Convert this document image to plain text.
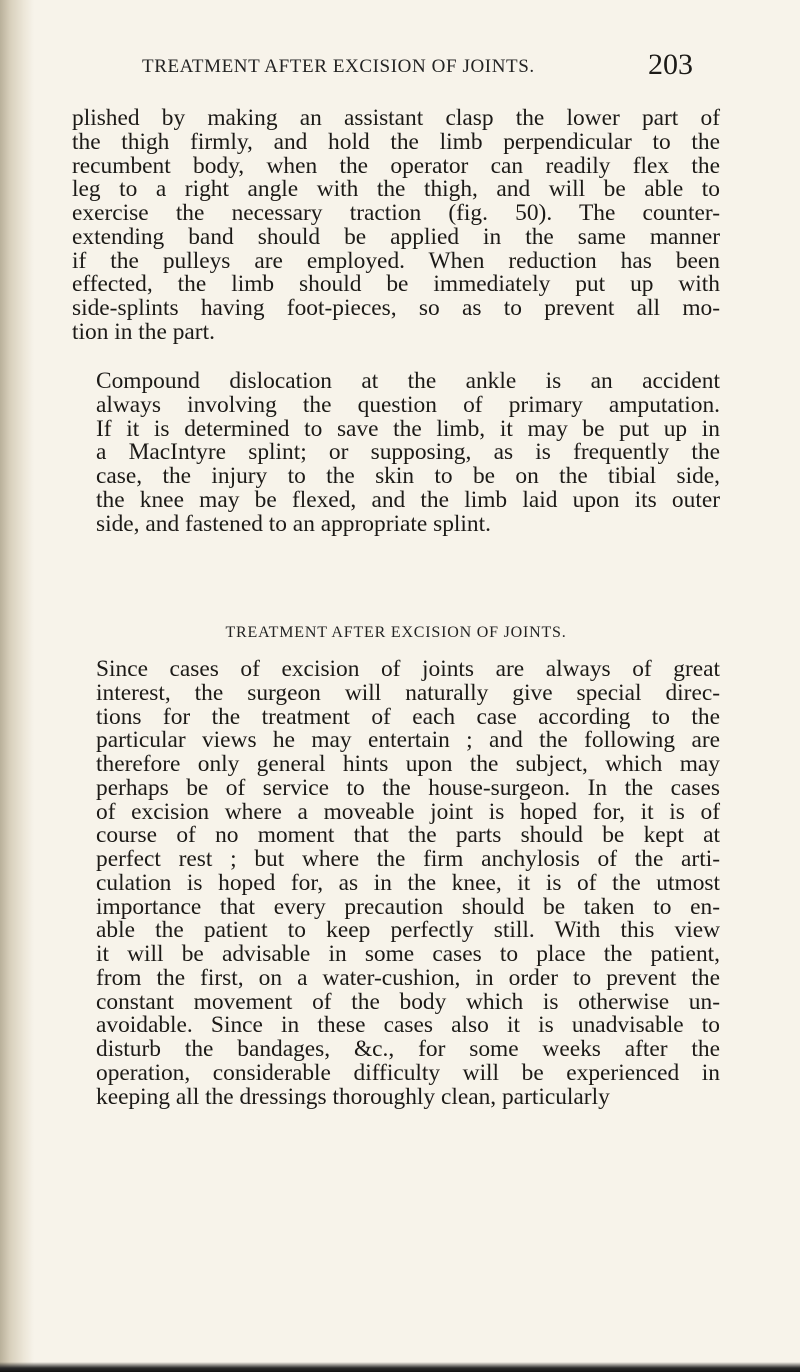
TREATMENT AFTER EXCISION OF JOINTS.	203
plished by making an assistant clasp the lower part of
the thigh firmly, and hold the limb perpendicular to the
recumbent body, when the operator can readily flex the
leg to a right angle with the thigh, and will be able to
exercise the necessary traction (fig. 50). The counter-
extending band should be applied in the same manner
if the pulleys are employed. When reduction has been
effected, the limb should be immediately put up with
side-splints having foot-pieces, so as to prevent all mo-
tion in the part.
Compound dislocation at the ankle is an accident
always involving the question of primary amputation.
If it is determined to save the limb, it may be put up in
a MacIntyre splint; or supposing, as is frequently the
case, the injury to the skin to be on the tibial side,
the knee may be flexed, and the limb laid upon its outer
side, and fastened to an appropriate splint.
TREATMENT AFTER EXCISION OF JOINTS.
Since cases of excision of joints are always of great
interest, the surgeon will naturally give special direc-
tions for the treatment of each case according to the
particular views he may entertain ; and the following are
therefore only general hints upon the subject, which may
perhaps be of service to the house-surgeon. In the cases
of excision where a moveable joint is hoped for, it is of
course of no moment that the parts should be kept at
perfect rest ; but where the firm anchylosis of the arti-
culation is hoped for, as in the knee, it is of the utmost
importance that every precaution should be taken to en-
able the patient to keep perfectly still. With this view
it will be advisable in some cases to place the patient,
from the first, on a water-cushion, in order to prevent the
constant movement of the body which is otherwise un-
avoidable. Since in these cases also it is unadvisable to
disturb the bandages, &c., for some weeks after the
operation, considerable difficulty will be experienced in
keeping all the dressings thoroughly clean, particularly
